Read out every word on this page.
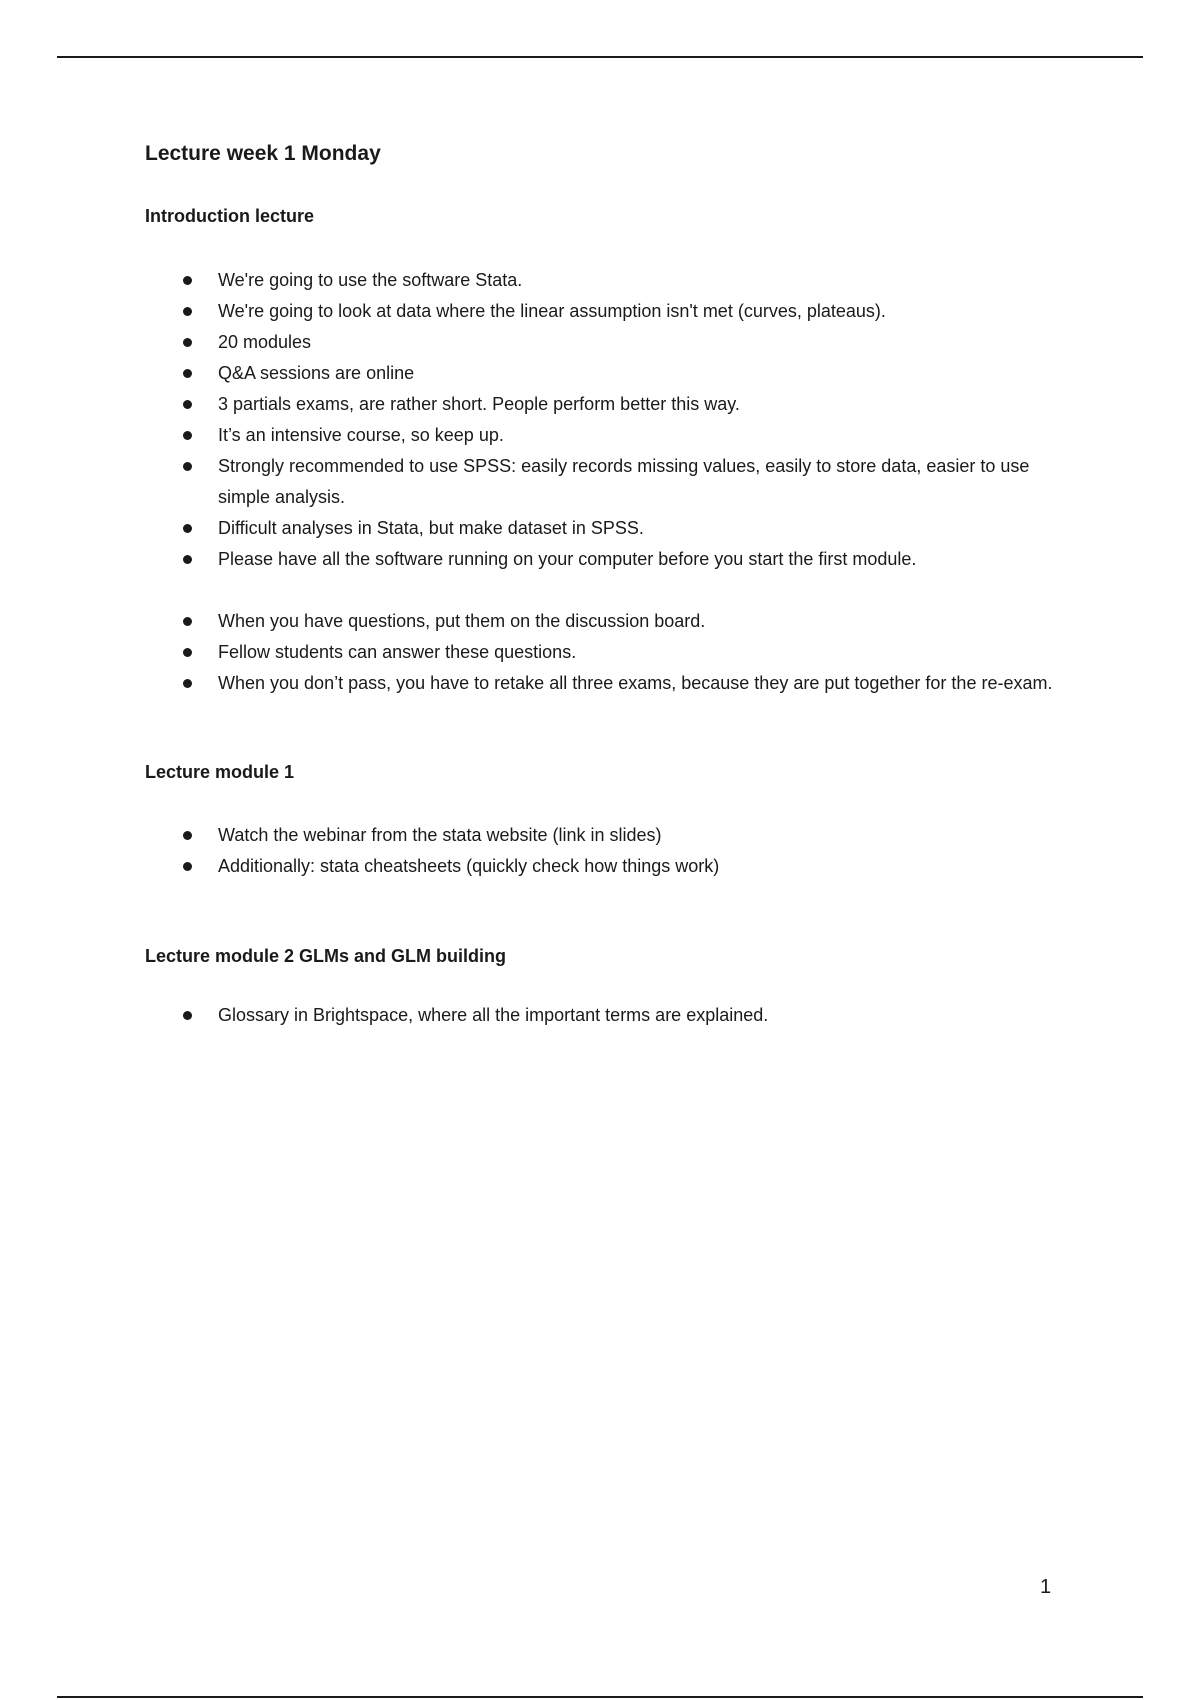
Lecture week 1 Monday
Introduction lecture
We're going to use the software Stata.
We're going to look at data where the linear assumption isn't met (curves, plateaus).
20 modules
Q&A sessions are online
3 partials exams, are rather short. People perform better this way.
It’s an intensive course, so keep up.
Strongly recommended to use SPSS: easily records missing values, easily to store data, easier to use simple analysis.
Difficult analyses in Stata, but make dataset in SPSS.
Please have all the software running on your computer before you start the first module.
When you have questions, put them on the discussion board.
Fellow students can answer these questions.
When you don’t pass, you have to retake all three exams, because they are put together for the re-exam.
Lecture module 1
Watch the webinar from the stata website (link in slides)
Additionally: stata cheatsheets (quickly check how things work)
Lecture module 2 GLMs and GLM building
Glossary in Brightspace, where all the important terms are explained.
1
